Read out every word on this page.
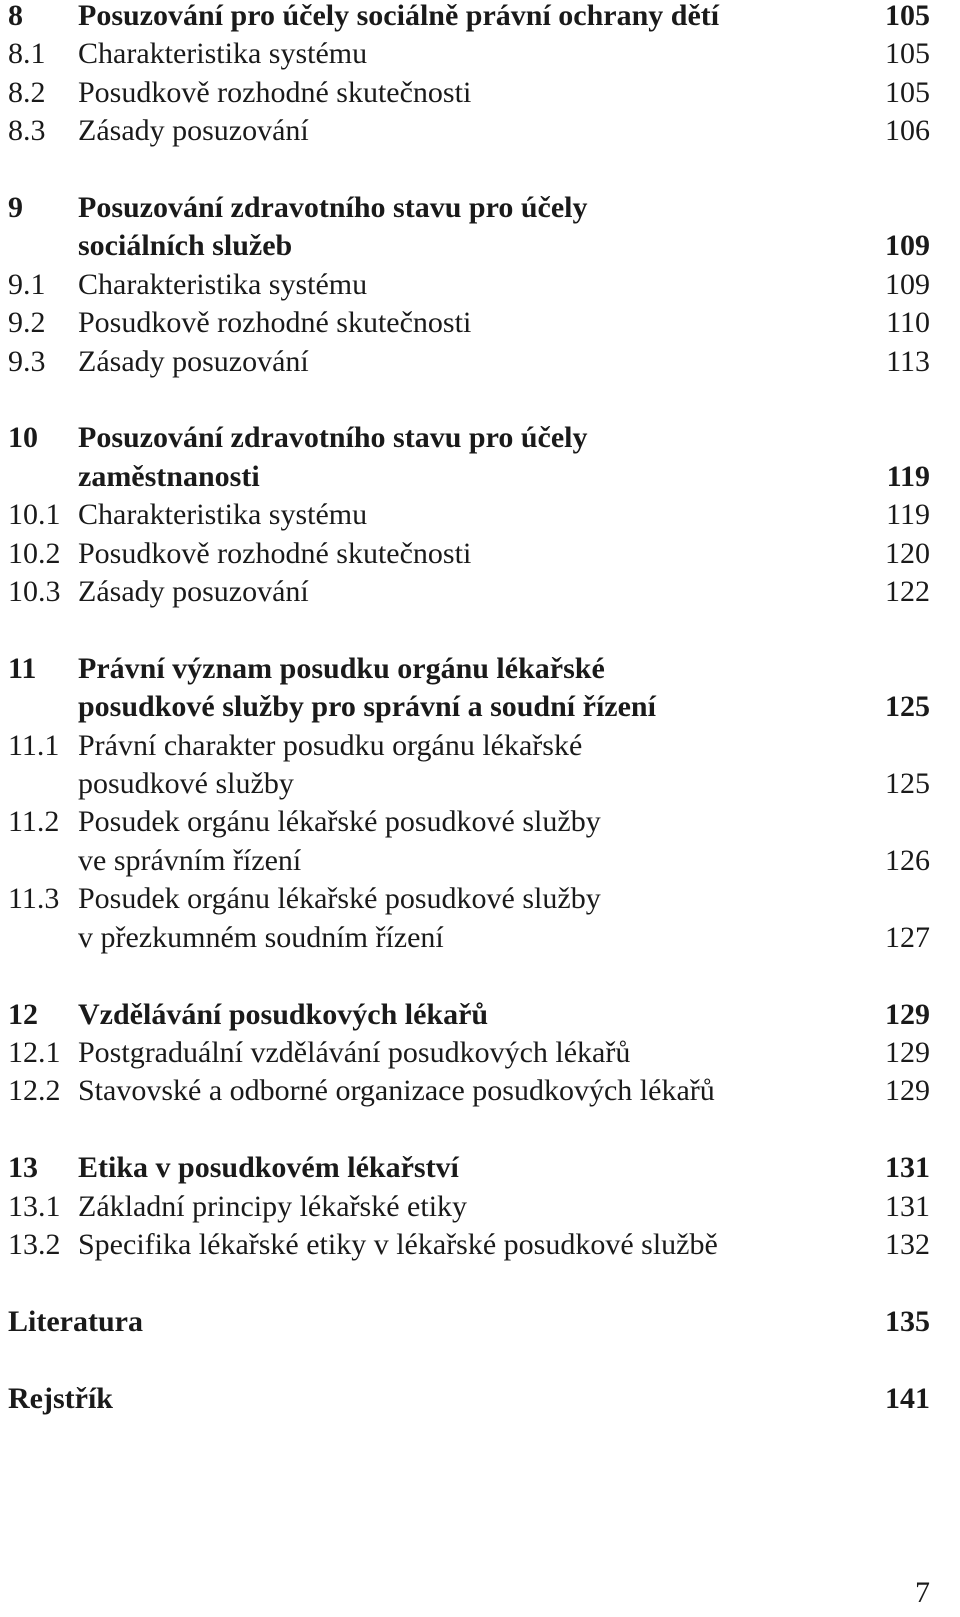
8	Posuzování pro účely sociálně právní ochrany dětí	105
8.1	Charakteristika systému	105
8.2	Posudkově rozhodné skutečnosti	105
8.3	Zásady posuzování	106
9	Posuzování zdravotního stavu pro účely
sociálních služeb	109
9.1	Charakteristika systému	109
9.2	Posudkově rozhodné skutečnosti	110
9.3	Zásady posuzování	113
10	Posuzování zdravotního stavu pro účely
zaměstnanosti	119
10.1 Charakteristika systému	119
10.2 Posudkově rozhodné skutečnosti	120
10.3 Zásady posuzování	122
11	Právní význam posudku orgánu lékařské
posudkové služby pro správní a soudní řízení	125
11.1 Právní charakter posudku orgánu lékařské
posudkové služby	125
11.2 Posudek orgánu lékařské posudkové služby
ve správním řízení	126
11.3 Posudek orgánu lékařské posudkové služby
v přezkumném soudním řízení	127
12	Vzdělávání posudkových lékařů	129
12.1 Postgraduální vzdělávání posudkových lékařů	129
12.2 Stavovské a odborné organizace posudkových lékařů	129
13	Etika v posudkovém lékařství	131
13.1 Základní principy lékařské etiky	131
13.2 Specifika lékařské etiky v lékařské posudkové službě	132
Literatura	135
Rejstřík	141
7
